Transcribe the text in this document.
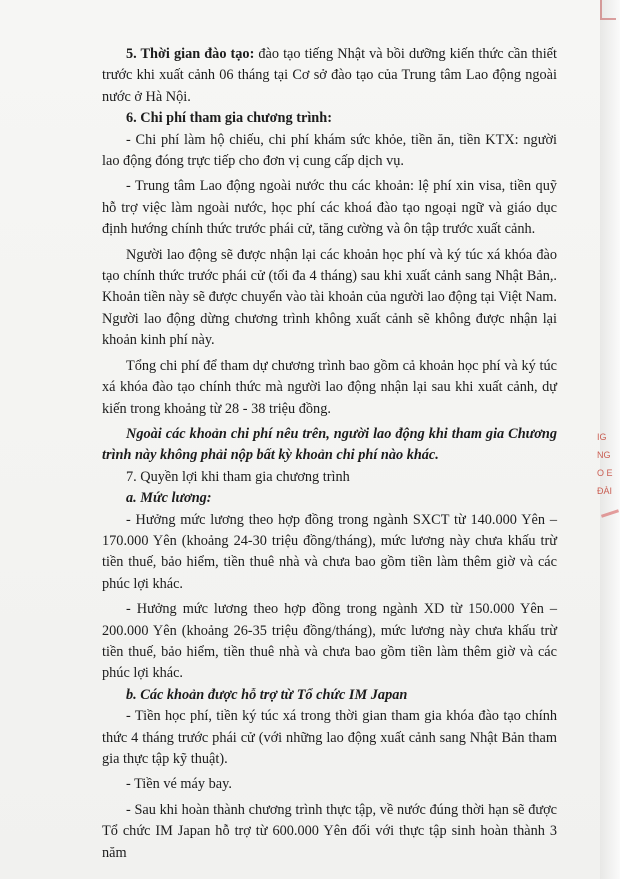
IG
NG
O E
ĐÀI

5. Thời gian đào tạo: đào tạo tiếng Nhật và bồi dưỡng kiến thức cần thiết trước khi xuất cảnh 06 tháng tại Cơ sở đào tạo của Trung tâm Lao động ngoài nước ở Hà Nội.

6. Chi phí tham gia chương trình:

- Chi phí làm hộ chiếu, chi phí khám sức khỏe, tiền ăn, tiền KTX: người lao động đóng trực tiếp cho đơn vị cung cấp dịch vụ.

- Trung tâm Lao động ngoài nước thu các khoản: lệ phí xin visa, tiền quỹ hỗ trợ việc làm ngoài nước, học phí các khoá đào tạo ngoại ngữ và giáo dục định hướng chính thức trước phái cử, tăng cường và ôn tập trước xuất cảnh.

Người lao động sẽ được nhận lại các khoản học phí và ký túc xá khóa đào tạo chính thức trước phái cử (tối đa 4 tháng) sau khi xuất cảnh sang Nhật Bản,. Khoản tiền này sẽ được chuyển vào tài khoản của người lao động tại Việt Nam. Người lao động dừng chương trình không xuất cảnh sẽ không được nhận lại khoản kinh phí này.

Tổng chi phí để tham dự chương trình bao gồm cả khoản học phí và ký túc xá khóa đào tạo chính thức mà người lao động nhận lại sau khi xuất cảnh, dự kiến trong khoảng từ 28 - 38 triệu đồng.

Ngoài các khoản chi phí nêu trên, người lao động khi tham gia Chương trình này không phải nộp bất kỳ khoản chi phí nào khác.

7. Quyền lợi khi tham gia chương trình

a. Mức lương:

- Hưởng mức lương theo hợp đồng trong ngành SXCT từ 140.000 Yên – 170.000 Yên (khoảng 24-30 triệu đồng/tháng), mức lương này chưa khấu trừ tiền thuế, bảo hiểm, tiền thuê nhà và chưa bao gồm tiền làm thêm giờ và các phúc lợi khác.

- Hưởng mức lương theo hợp đồng trong ngành XD từ 150.000 Yên – 200.000 Yên (khoảng 26-35 triệu đồng/tháng), mức lương này chưa khấu trừ tiền thuế, bảo hiểm, tiền thuê nhà và chưa bao gồm tiền làm thêm giờ và các phúc lợi khác.

b. Các khoản được hỗ trợ từ Tổ chức IM Japan

- Tiền học phí, tiền ký túc xá trong thời gian tham gia khóa đào tạo chính thức 4 tháng trước phái cử (với những lao động xuất cảnh sang Nhật Bản tham gia thực tập kỹ thuật).

- Tiền vé máy bay.

- Sau khi hoàn thành chương trình thực tập, về nước đúng thời hạn sẽ được Tổ chức IM Japan hỗ trợ từ 600.000 Yên đối với thực tập sinh hoàn thành 3 năm
